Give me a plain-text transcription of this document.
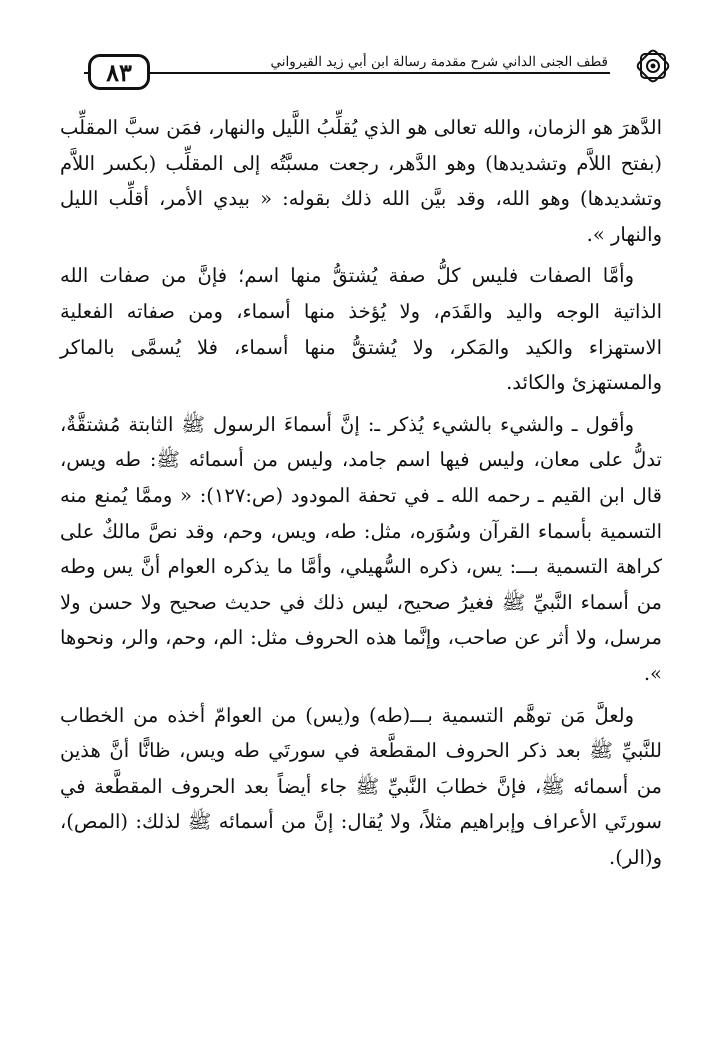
قطف الجنى الداني شرح مقدمة رسالة ابن أبي زيد القيرواني
٨٣

الدَّهرَ هو الزمان، والله تعالى هو الذي يُقلِّبُ اللَّيل والنهار، فمَن سبَّ المقلِّب (بفتح اللاَّم وتشديدها) وهو الدَّهر، رجعت مسبَّتُه إلى المقلِّب (بكسر اللاَّم وتشديدها) وهو الله، وقد بيَّن الله ذلك بقوله: « بيدي الأمر، أقلِّب الليل والنهار ».

وأمَّا الصفات فليس كلُّ صفة يُشتقُّ منها اسم؛ فإنَّ من صفات الله الذاتية الوجه واليد والقَدَم، ولا يُؤخذ منها أسماء، ومن صفاته الفعلية الاستهزاء والكيد والمَكر، ولا يُشتقُّ منها أسماء، فلا يُسمَّى بالماكر والمستهزئ والكائد.

وأقول ـ والشيء بالشيء يُذكر ـ: إنَّ أسماءَ الرسول ﷺ الثابتة مُشتقَّةٌ، تدلُّ على معان، وليس فيها اسم جامد، وليس من أسمائه ﷺ: طه ويس، قال ابن القيم ـ رحمه الله ـ في تحفة المودود (ص:١٢٧): « وممَّا يُمنع منه التسمية بأسماء القرآن وسُوَره، مثل: طه، ويس، وحم، وقد نصَّ مالكٌ على كراهة التسمية بـــ: يس، ذكره السُّهيلي، وأمَّا ما يذكره العوام أنَّ يس وطه من أسماء النَّبيِّ ﷺ فغيرُ صحيح، ليس ذلك في حديث صحيح ولا حسن ولا مرسل، ولا أثر عن صاحب، وإنَّما هذه الحروف مثل: الم، وحم، والر، ونحوها ».

ولعلَّ مَن توهَّم التسمية بـــ(طه) و(يس) من العوامّ أخذه من الخطاب للنَّبيِّ ﷺ بعد ذكر الحروف المقطَّعة في سورتَي طه ويس، ظانًّا أنَّ هذين من أسمائه ﷺ، فإنَّ خطابَ النَّبيِّ ﷺ جاء أيضاً بعد الحروف المقطَّعة في سورتَي الأعراف وإبراهيم مثلاً، ولا يُقال: إنَّ من أسمائه ﷺ لذلك: (المص)، و(الر).
